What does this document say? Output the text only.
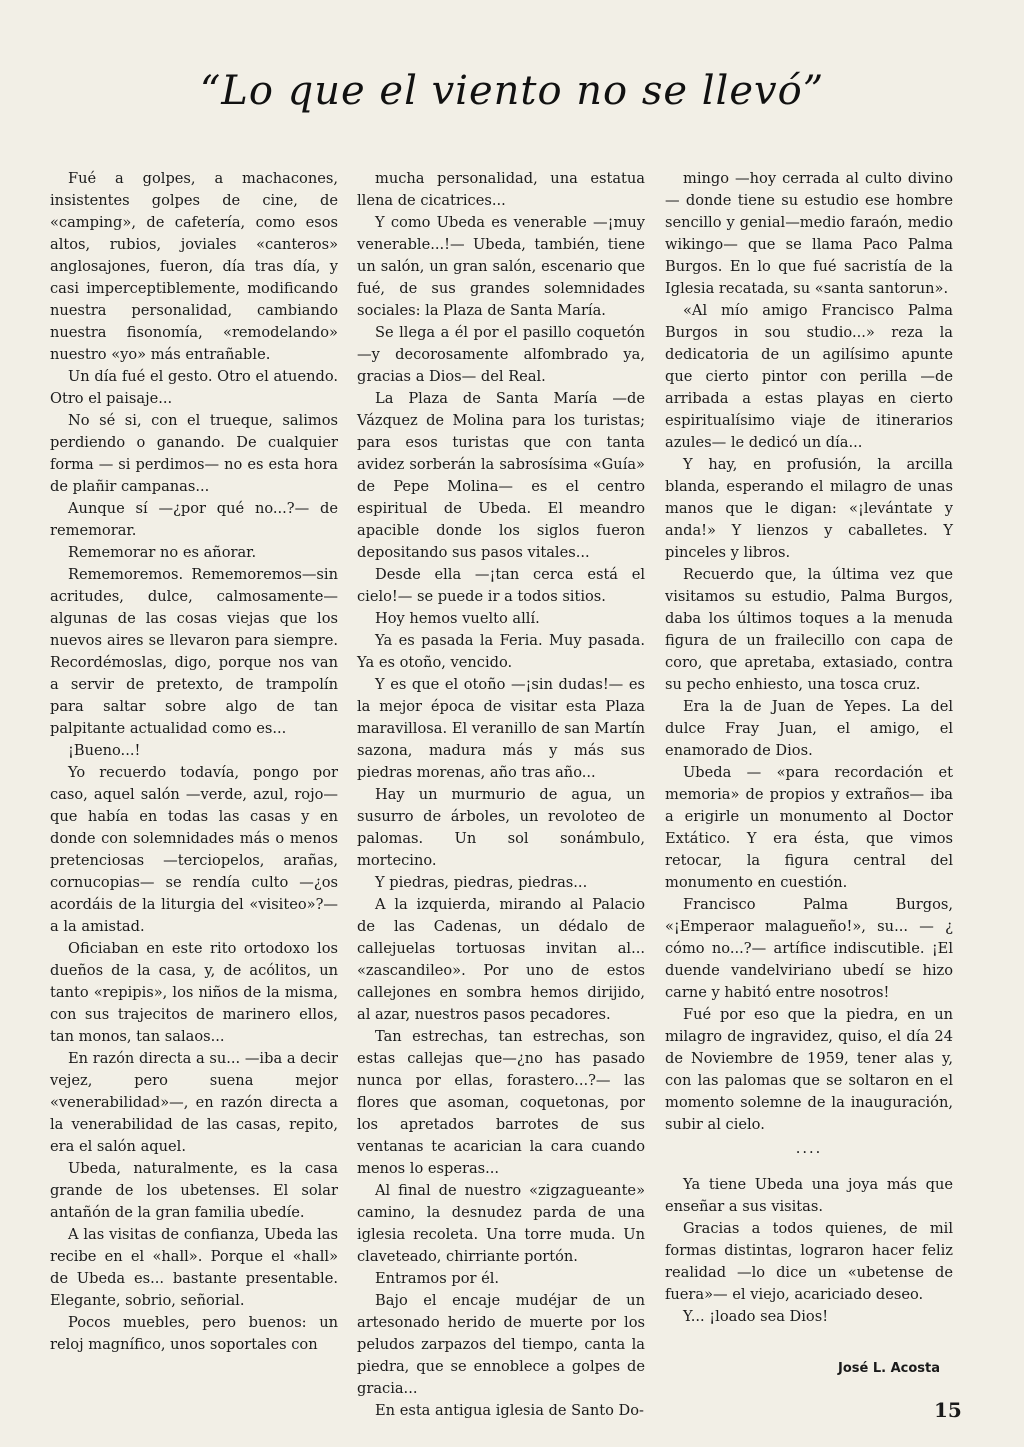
“Lo que el viento no se llevó”

Fué a golpes, a machacones, insistentes golpes de cine, de «camping», de cafetería, como esos altos, rubios, joviales «canteros» anglosajones, fueron, día tras día, y casi imperceptiblemente, modificando nuestra personalidad, cambiando nuestra fisonomía, «remodelando» nuestro «yo» más entrañable.

Un día fué el gesto. Otro el atuendo. Otro el paisaje...

No sé si, con el trueque, salimos perdiendo o ganando. De cualquier forma — si perdimos— no es esta hora de plañir campanas...

Aunque sí —¿por qué no...?— de rememorar.

Rememorar no es añorar.

Rememoremos. Rememoremos—sin acritudes, dulce, calmosamente— algunas de las cosas viejas que los nuevos aires se llevaron para siempre. Recordémoslas, digo, porque nos van a servir de pretexto, de trampolín para saltar sobre algo de tan palpitante actualidad como es...

¡Bueno...!

Yo recuerdo todavía, pongo por caso, aquel salón —verde, azul, rojo— que había en todas las casas y en donde con solemnidades más o menos pretenciosas —terciopelos, arañas, cornucopias— se rendía culto —¿os acordáis de la liturgia del «visiteo»?— a la amistad.

Oficiaban en este rito ortodoxo los dueños de la casa, y, de acólitos, un tanto «repipis», los niños de la misma, con sus trajecitos de marinero ellos, tan monos, tan salaos...

En razón directa a su... —iba a decir vejez, pero suena mejor «venerabilidad»—, en razón directa a la venerabilidad de las casas, repito, era el salón aquel.

Ubeda, naturalmente, es la casa grande de los ubetenses. El solar antañón de la gran familia ubedíe.

A las visitas de confianza, Ubeda las recibe en el «hall». Porque el «hall» de Ubeda es... bastante presentable. Elegante, sobrio, señorial.

Pocos muebles, pero buenos: un reloj magnífico, unos soportales con

mucha personalidad, una estatua llena de cicatrices...

Y como Ubeda es venerable —¡muy venerable...!— Ubeda, también, tiene un salón, un gran salón, escenario que fué, de sus grandes solemnidades sociales: la Plaza de Santa María.

Se llega a él por el pasillo coquetón —y decorosamente alfombrado ya, gracias a Dios— del Real.

La Plaza de Santa María —de Vázquez de Molina para los turistas; para esos turistas que con tanta avidez sorberán la sabrosísima «Guía» de Pepe Molina— es el centro espiritual de Ubeda. El meandro apacible donde los siglos fueron depositando sus pasos vitales...

Desde ella —¡tan cerca está el cielo!— se puede ir a todos sitios.

Hoy hemos vuelto allí.

Ya es pasada la Feria. Muy pasada. Ya es otoño, vencido.

Y es que el otoño —¡sin dudas!— es la mejor época de visitar esta Plaza maravillosa. El veranillo de san Martín sazona, madura más y más sus piedras morenas, año tras año...

Hay un murmurio de agua, un susurro de árboles, un revoloteo de palomas. Un sol sonámbulo, mortecino.

Y piedras, piedras, piedras...

A la izquierda, mirando al Palacio de las Cadenas, un dédalo de callejuelas tortuosas invitan al... «zascandileo». Por uno de estos callejones en sombra hemos dirijido, al azar, nuestros pasos pecadores.

Tan estrechas, tan estrechas, son estas callejas que—¿no has pasado nunca por ellas, forastero...?— las flores que asoman, coquetonas, por los apretados barrotes de sus ventanas te acarician la cara cuando menos lo esperas...

Al final de nuestro «zigzagueante» camino, la desnudez parda de una iglesia recoleta. Una torre muda. Un claveteado, chirriante portón.

Entramos por él.

Bajo el encaje mudéjar de un artesonado herido de muerte por los peludos zarpazos del tiempo, canta la piedra, que se ennoblece a golpes de gracia...

En esta antigua iglesia de Santo Do-

mingo —hoy cerrada al culto divino— donde tiene su estudio ese hombre sencillo y genial—medio faraón, medio wikingo— que se llama Paco Palma Burgos. En lo que fué sacristía de la Iglesia recatada, su «santa santorun».

«Al mío amigo Francisco Palma Burgos in sou studio...» reza la dedicatoria de un agilísimo apunte que cierto pintor con perilla —de arribada a estas playas en cierto espiritualísimo viaje de itinerarios azules— le dedicó un día...

Y hay, en profusión, la arcilla blanda, esperando el milagro de unas manos que le digan: «¡levántate y anda!» Y lienzos y caballetes. Y pinceles y libros.

Recuerdo que, la última vez que visitamos su estudio, Palma Burgos, daba los últimos toques a la menuda figura de un frailecillo con capa de coro, que apretaba, extasiado, contra su pecho enhiesto, una tosca cruz.

Era la de Juan de Yepes. La del dulce Fray Juan, el amigo, el enamorado de Dios.

Ubeda — «para recordación et memoria» de propios y extraños— iba a erigirle un monumento al Doctor Extático. Y era ésta, que vimos retocar, la figura central del monumento en cuestión.

Francisco Palma Burgos, «¡Emperaor malagueño!», su... — ¿ cómo no...?— artífice indiscutible. ¡El duende vandelviriano ubedí se hizo carne y habitó entre nosotros!

Fué por eso que la piedra, en un milagro de ingravidez, quiso, el día 24 de Noviembre de 1959, tener alas y, con las palomas que se soltaron en el momento solemne de la inauguración, subir al cielo.

....

Ya tiene Ubeda una joya más que enseñar a sus visitas.

Gracias a todos quienes, de mil formas distintas, lograron hacer feliz realidad —lo dice un «ubetense de fuera»— el viejo, acariciado deseo.

Y... ¡loado sea Dios!

José L. Acosta
15
